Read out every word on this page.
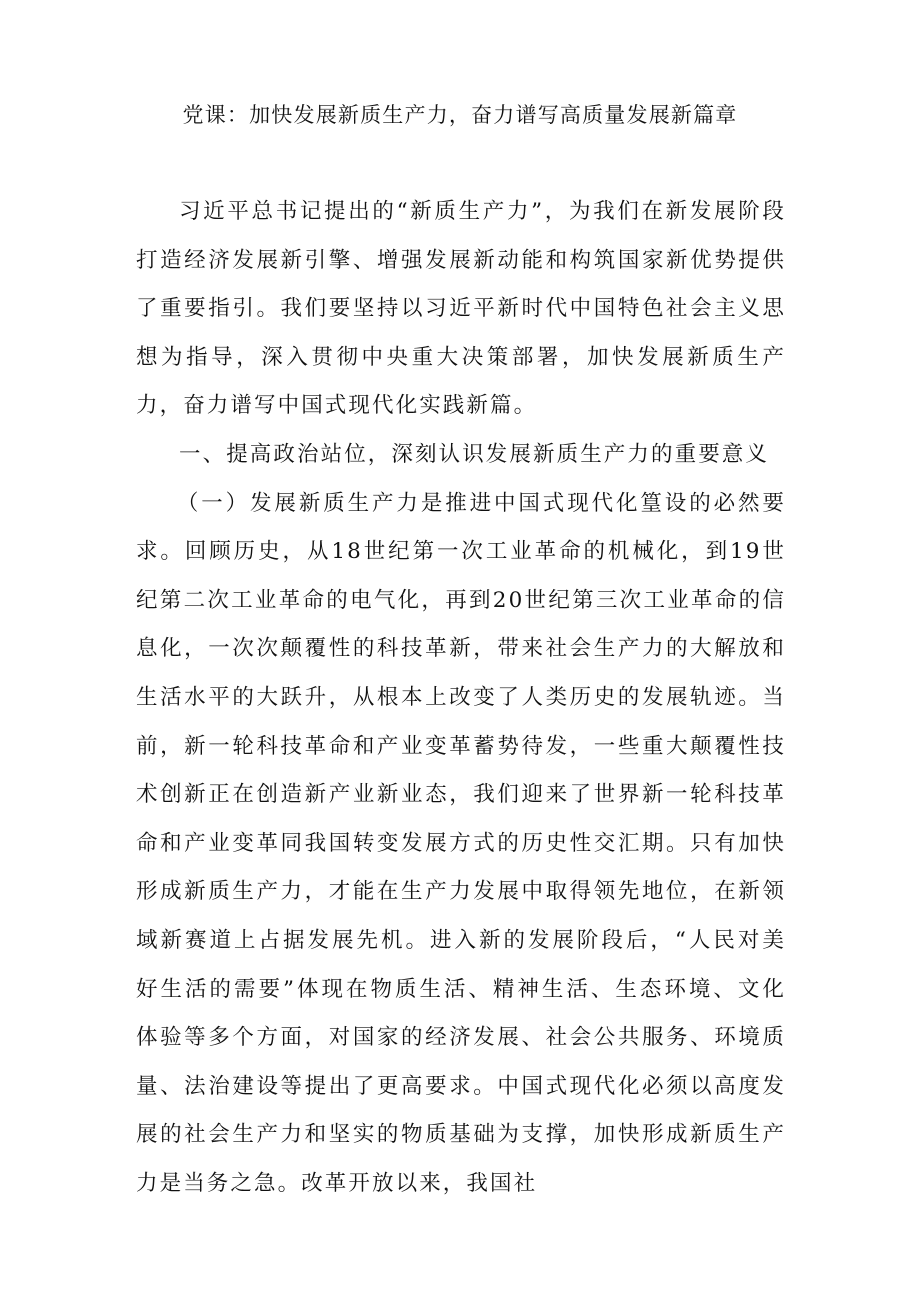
党课：加快发展新质生产力，奋力谱写高质量发展新篇章

习近平总书记提出的“新质生产力”，为我们在新发展阶段打造经济发展新引擎、增强发展新动能和构筑国家新优势提供了重要指引。我们要坚持以习近平新时代中国特色社会主义思想为指导，深入贯彻中央重大决策部署，加快发展新质生产力，奋力谱写中国式现代化实践新篇。

一、提高政治站位，深刻认识发展新质生产力的重要意义

（一）发展新质生产力是推进中国式现代化篁设的必然要求。回顾历史，从18世纪第一次工业革命的机械化，到19世纪第二次工业革命的电气化，再到20世纪第三次工业革命的信息化，一次次颠覆性的科技革新，带来社会生产力的大解放和生活水平的大跃升，从根本上改变了人类历史的发展轨迹。当前，新一轮科技革命和产业变革蓄势待发，一些重大颠覆性技术创新正在创造新产业新业态，我们迎来了世界新一轮科技革命和产业变革同我国转变发展方式的历史性交汇期。只有加快形成新质生产力，才能在生产力发展中取得领先地位，在新领域新赛道上占据发展先机。进入新的发展阶段后，“人民对美好生活的需要”体现在物质生活、精神生活、生态环境、文化体验等多个方面，对国家的经济发展、社会公共服务、环境质量、法治建设等提出了更高要求。中国式现代化必须以高度发展的社会生产力和坚实的物质基础为支撑，加快形成新质生产力是当务之急。改革开放以来，我国社
